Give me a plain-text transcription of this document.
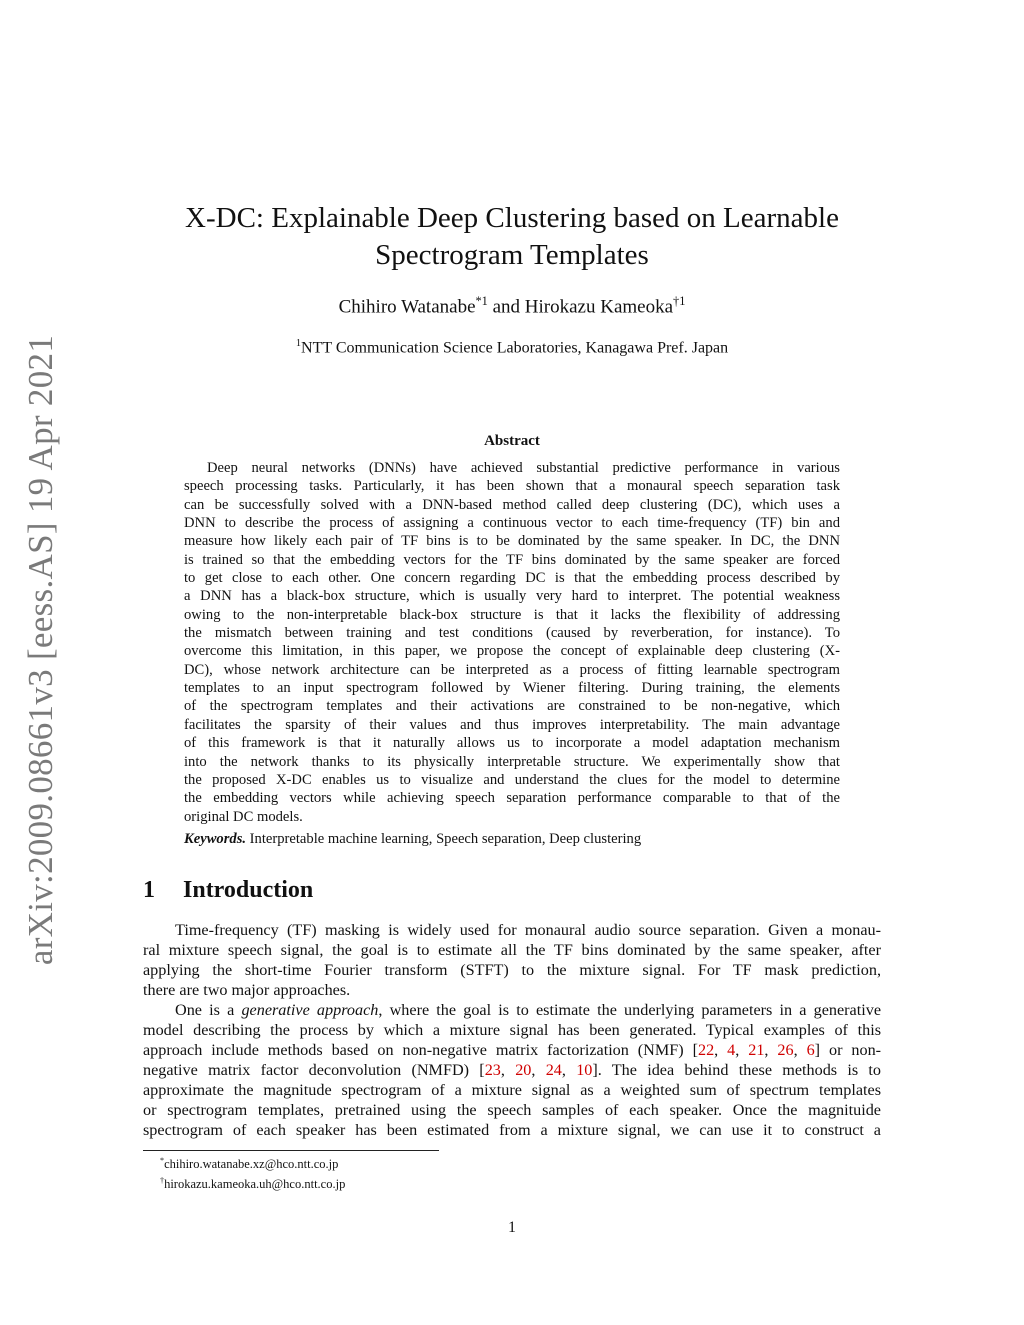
arXiv:2009.08661v3 [eess.AS] 19 Apr 2021
X-DC: Explainable Deep Clustering based on Learnable
Spectrogram Templates
Chihiro Watanabe$^{*1}$ and Hirokazu Kameoka$^{\dagger 1}$
$^1$NTT Communication Science Laboratories, Kanagawa Pref. Japan
Abstract
Deep neural networks (DNNs) have achieved substantial predictive performance in various
speech processing tasks. Particularly, it has been shown that a monaural speech separation task
can be successfully solved with a DNN-based method called deep clustering (DC), which uses a
DNN to describe the process of assigning a continuous vector to each time-frequency (TF) bin and
measure how likely each pair of TF bins is to be dominated by the same speaker. In DC, the DNN
is trained so that the embedding vectors for the TF bins dominated by the same speaker are forced
to get close to each other. One concern regarding DC is that the embedding process described by
a DNN has a black-box structure, which is usually very hard to interpret. The potential weakness
owing to the non-interpretable black-box structure is that it lacks the flexibility of addressing
the mismatch between training and test conditions (caused by reverberation, for instance). To
overcome this limitation, in this paper, we propose the concept of explainable deep clustering (X-
DC), whose network architecture can be interpreted as a process of fitting learnable spectrogram
templates to an input spectrogram followed by Wiener filtering. During training, the elements
of the spectrogram templates and their activations are constrained to be non-negative, which
facilitates the sparsity of their values and thus improves interpretability. The main advantage
of this framework is that it naturally allows us to incorporate a model adaptation mechanism
into the network thanks to its physically interpretable structure. We experimentally show that
the proposed X-DC enables us to visualize and understand the clues for the model to determine
the embedding vectors while achieving speech separation performance comparable to that of the
original DC models.
Keywords. Interpretable machine learning, Speech separation, Deep clustering
1 Introduction
Time-frequency (TF) masking is widely used for monaural audio source separation. Given a monau-
ral mixture speech signal, the goal is to estimate all the TF bins dominated by the same speaker, after
applying the short-time Fourier transform (STFT) to the mixture signal. For TF mask prediction,
there are two major approaches.
One is a generative approach, where the goal is to estimate the underlying parameters in a generative
model describing the process by which a mixture signal has been generated. Typical examples of this
approach include methods based on non-negative matrix factorization (NMF) [22, 4, 21, 26, 6] or non-
negative matrix factor deconvolution (NMFD) [23, 20, 24, 10]. The idea behind these methods is to
approximate the magnitude spectrogram of a mixture signal as a weighted sum of spectrum templates
or spectrogram templates, pretrained using the speech samples of each speaker. Once the magnituide
spectrogram of each speaker has been estimated from a mixture signal, we can use it to construct a
*chihiro.watanabe.xz@hco.ntt.co.jp
†hirokazu.kameoka.uh@hco.ntt.co.jp
1
